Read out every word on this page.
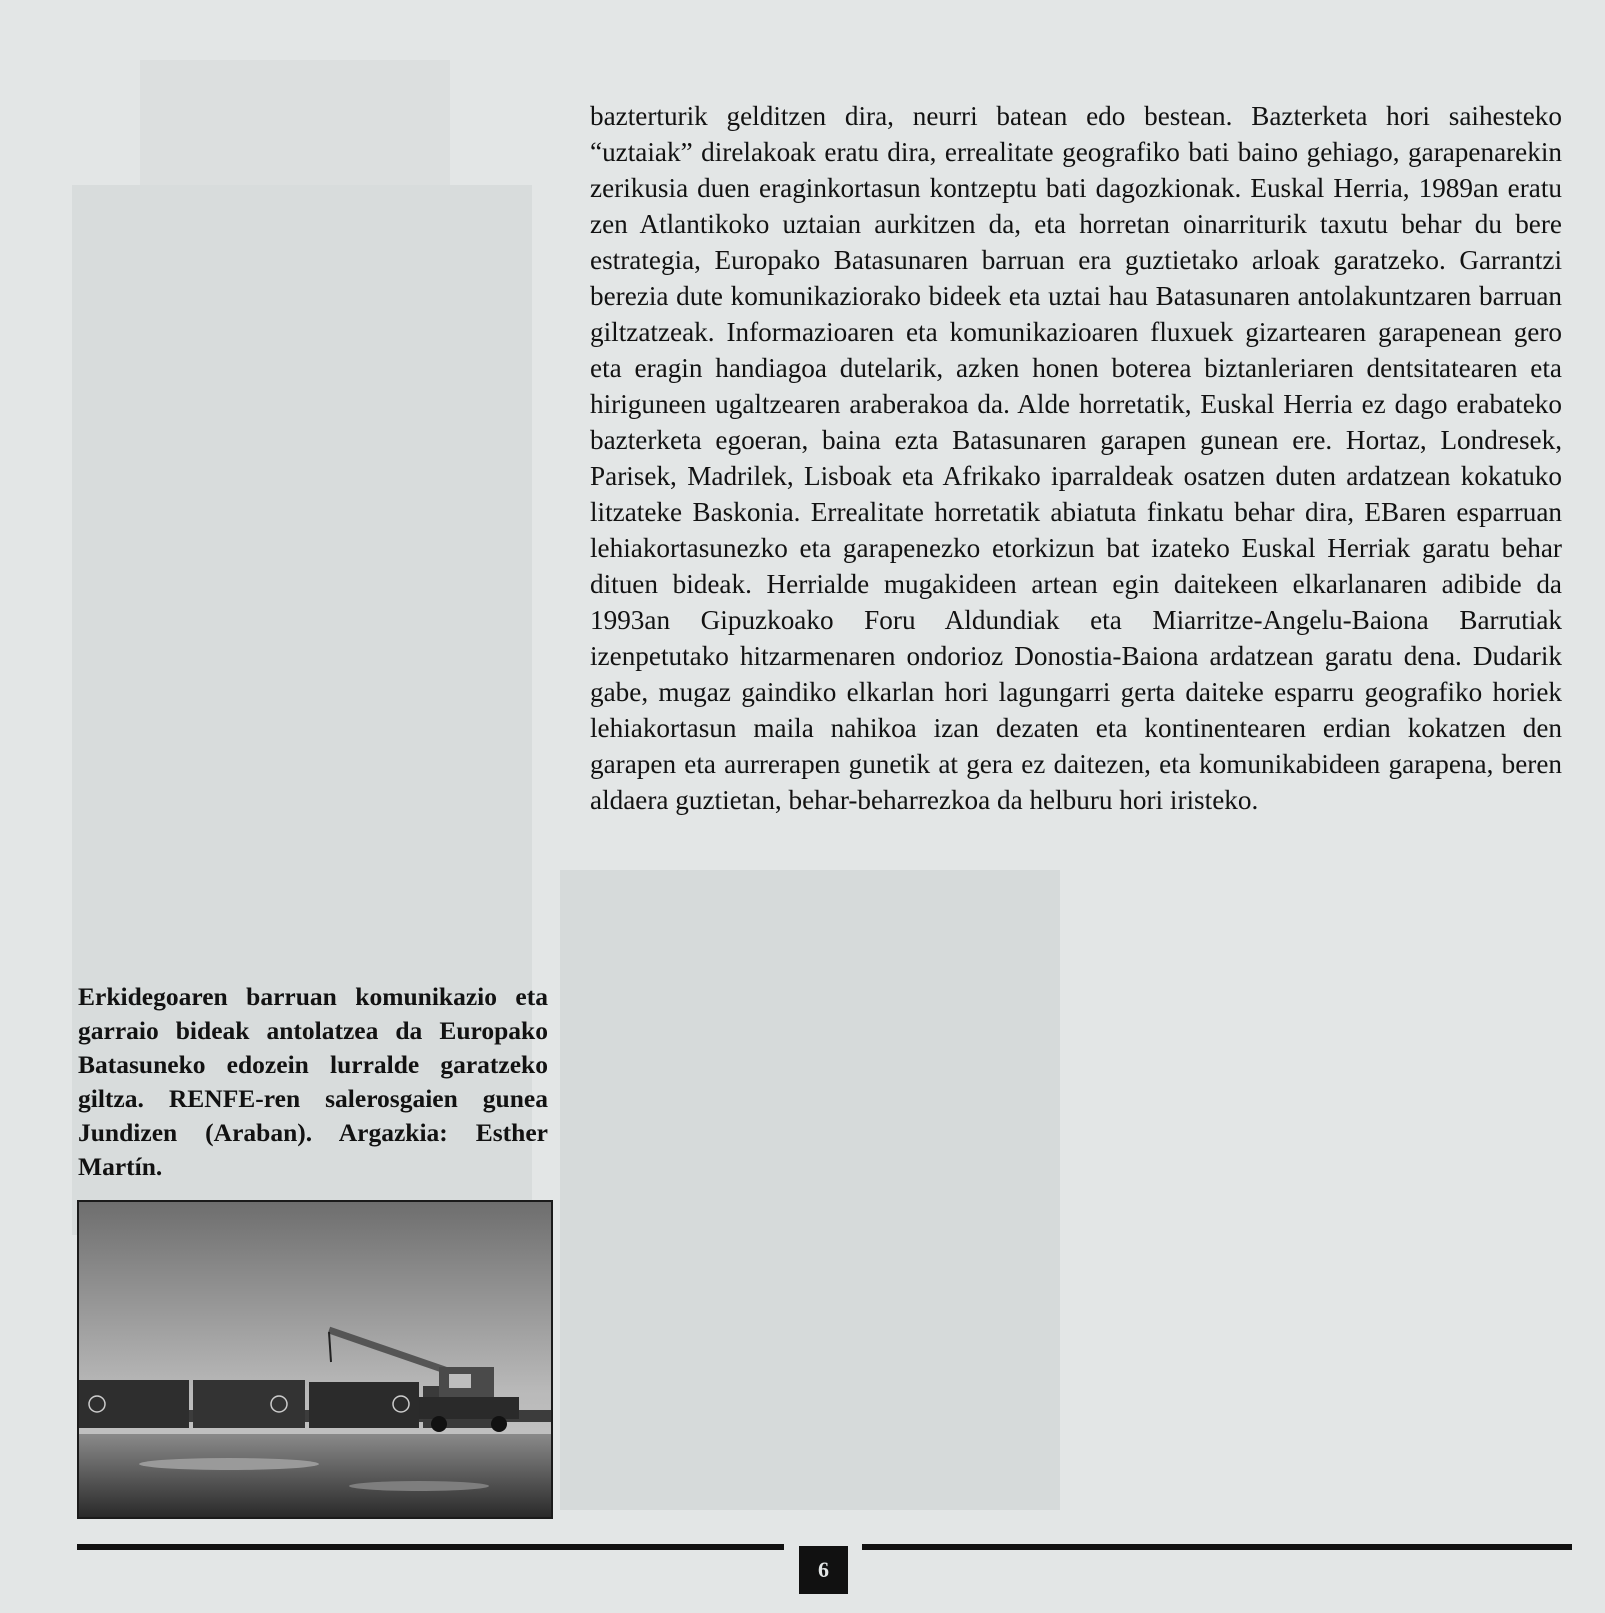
bazterturik gelditzen dira, neurri batean edo bestean. Bazterketa hori saihesteko “uztaiak” direlakoak eratu dira, errealitate geografiko bati baino gehiago, garapenarekin zerikusia duen eraginkortasun kontzeptu bati dagozkionak. Euskal Herria, 1989an eratu zen Atlantikoko uztaian aurkitzen da, eta horretan oinarriturik taxutu behar du bere estrategia, Europako Batasunaren barruan era guztietako arloak garatzeko. Garrantzi berezia dute komunikaziorako bideek eta uztai hau Batasunaren antolakuntzaren barruan giltzatzeak. Informazioaren eta komunikazioaren fluxuek gizartearen garapenean gero eta eragin handiagoa dutelarik, azken honen boterea biztanleriaren dentsitatearen eta hiriguneen ugaltzearen araberakoa da. Alde horretatik, Euskal Herria ez dago erabateko bazterketa egoeran, baina ezta Batasunaren garapen gunean ere. Hortaz, Londresek, Parisek, Madrilek, Lisboak eta Afrikako iparraldeak osatzen duten ardatzean kokatuko litzateke Baskonia. Errealitate horretatik abiatuta finkatu behar dira, EBaren esparruan lehiakortasunezko eta garapenezko etorkizun bat izateko Euskal Herriak garatu behar dituen bideak. Herrialde mugakideen artean egin daitekeen elkarlanaren adibide da 1993an Gipuzkoako Foru Aldundiak eta Miarritze-Angelu-Baiona Barrutiak izenpetutako hitzarmenaren ondorioz Donostia-Baiona ardatzean garatu dena. Dudarik gabe, mugaz gaindiko elkarlan hori lagungarri gerta daiteke esparru geografiko horiek lehiakortasun maila nahikoa izan dezaten eta kontinentearen erdian kokatzen den garapen eta aurrerapen gunetik at gera ez daitezen, eta komunikabideen garapena, beren aldaera guztietan, behar-beharrezkoa da helburu hori iristeko.

Erkidegoaren barruan komunikazio eta garraio bideak antolatzea da Europako Batasuneko edozein lurralde garatzeko giltza. RENFE-ren salerosgaien gunea Jundizen (Araban). Argazkia: Esther Martín.

6
